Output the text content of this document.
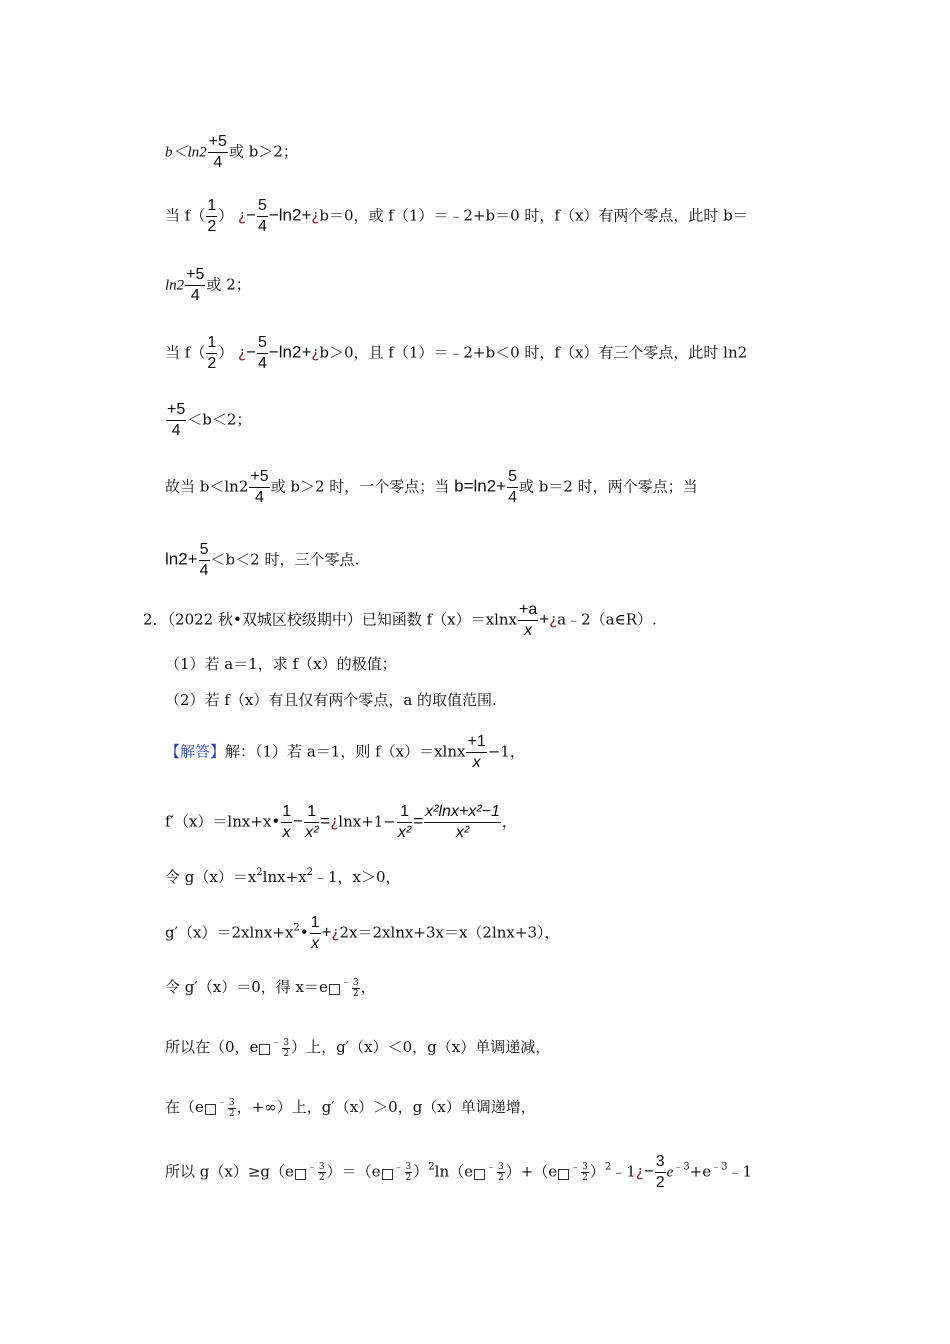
$b<\ln 2 \frac{+5}{4}$ 或 b＞2；
当 $f( \frac{1}{2}$ ） ¿− $\frac{5}{4}$ −ln2+¿b＝0，或 f（1）＝﹣2+b＝0 时，f（x）有两个零点，此时 b＝
$\ln 2 \frac{+5}{4}$ 或 2；
当 $f( \frac{1}{2}$ ） ¿− $\frac{5}{4}$ −ln2+¿b＞0，且 f（1）＝﹣2+b＜0 时，f（x）有三个零点，此时 ln2
$\frac{+5}{4} <b<2$；
故当 $b<\ln 2 \frac{+5}{4}$ 或 b＞2 时，一个零点；当 $b=\ln 2+ \frac{5}{4}$ 或 b＝2 时，两个零点；当
$\ln 2+ \frac{5}{4} <b<2$ 时，三个零点.
2．（2022 秋•双城区校级期中）已知函数 $f(x)=xlnx \frac{+a}{x}$ +¿a﹣2（a∈R）.
（1）若 a＝1，求 f（x）的极值；
（2）若 f（x）有且仅有两个零点，a 的取值范围.
【解答】解：（1）若 a＝1，则 $f(x)=xlnx \frac{+1}{x} -1$，
f′（x）＝lnx+x• $\frac{1}{x} - \frac{1}{\text{x²}}$ =¿lnx+1− $\frac{1}{\text{x²}} = \frac{\text{x²lnx+x²−1}}{\text{x²}}$ ，
令 $g(x)=x^2\ln x+x^2﹣1$，x＞0，
$g'(x)=2xlnx+x^2• \frac{1}{x}$ +¿2x＝2xlnx+3x＝x（2lnx+3），
令 g′（x）＝0，得 x＝e $^﹣ \frac{3}{2}$ ，
所以在（0，e $^﹣ \frac{3}{2}$ ）上，g′（x）＜0，g（x）单调递减，
在（e $^﹣ \frac{3}{2}$ ，+∞）上，g′（x）＞0，g（x）单调递增，
所以 g（x）≥g（e $^﹣ \frac{3}{2} )=(e$ $^﹣ \frac{3}{2} )^2\ln(e$ $^﹣ \frac{3}{2} )+(e$ $^﹣ \frac{3}{2}$ ）$^2$﹣1¿− $\frac{3}{2}$ $e^{﹣3}+e^{﹣3}﹣1$
